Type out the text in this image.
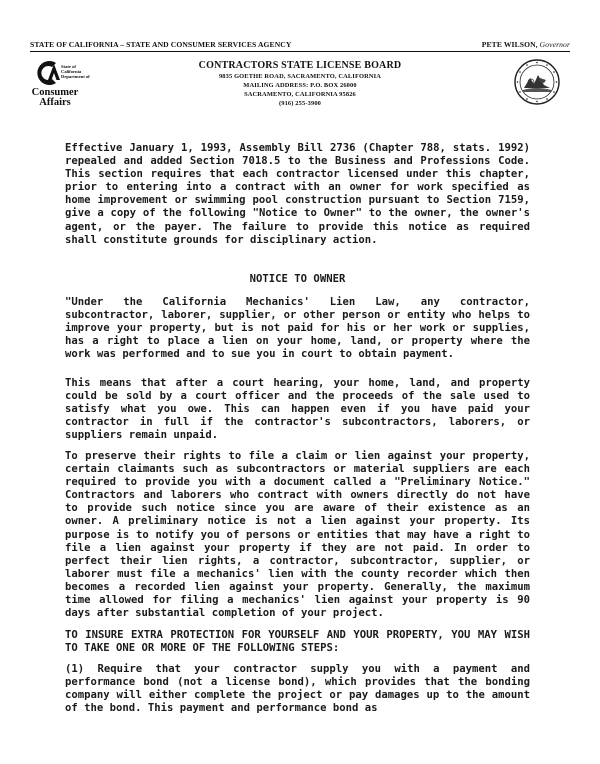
STATE OF CALIFORNIA – STATE AND CONSUMER SERVICES AGENCY	PETE WILSON, Governor
State of
California
Department of
Consumer
Affairs
CONTRACTORS STATE LICENSE BOARD
9835 GOETHE ROAD, SACRAMENTO, CALIFORNIA
MAILING ADDRESS: P.O. BOX 26000
SACRAMENTO, CALIFORNIA 95826
(916) 255-3900

Effective January 1, 1993, Assembly Bill 2736 (Chapter 788, stats. 1992) repealed and added Section 7018.5 to the Business and Professions Code. This section requires that each contractor licensed under this chapter, prior to entering into a contract with an owner for work specified as home improvement or swimming pool construction pursuant to Section 7159, give a copy of the following "Notice to Owner" to the owner, the owner's agent, or the payer. The failure to provide this notice as required shall constitute grounds for disciplinary action.

NOTICE TO OWNER

"Under the California Mechanics' Lien Law, any contractor, subcontractor, laborer, supplier, or other person or entity who helps to improve your property, but is not paid for his or her work or supplies, has a right to place a lien on your home, land, or property where the work was performed and to sue you in court to obtain payment.

This means that after a court hearing, your home, land, and property could be sold by a court officer and the proceeds of the sale used to satisfy what you owe. This can happen even if you have paid your contractor in full if the contractor's subcontractors, laborers, or suppliers remain unpaid.

To preserve their rights to file a claim or lien against your property, certain claimants such as subcontractors or material suppliers are each required to provide you with a document called a "Preliminary Notice." Contractors and laborers who contract with owners directly do not have to provide such notice since you are aware of their existence as an owner. A preliminary notice is not a lien against your property. Its purpose is to notify you of persons or entities that may have a right to file a lien against your property if they are not paid. In order to perfect their lien rights, a contractor, subcontractor, supplier, or laborer must file a mechanics' lien with the county recorder which then becomes a recorded lien against your property. Generally, the maximum time allowed for filing a mechanics' lien against your property is 90 days after substantial completion of your project.

TO INSURE EXTRA PROTECTION FOR YOURSELF AND YOUR PROPERTY, YOU MAY WISH TO TAKE ONE OR MORE OF THE FOLLOWING STEPS:

(1) Require that your contractor supply you with a payment and performance bond (not a license bond), which provides that the bonding company will either complete the project or pay damages up to the amount of the bond. This payment and performance bond as
